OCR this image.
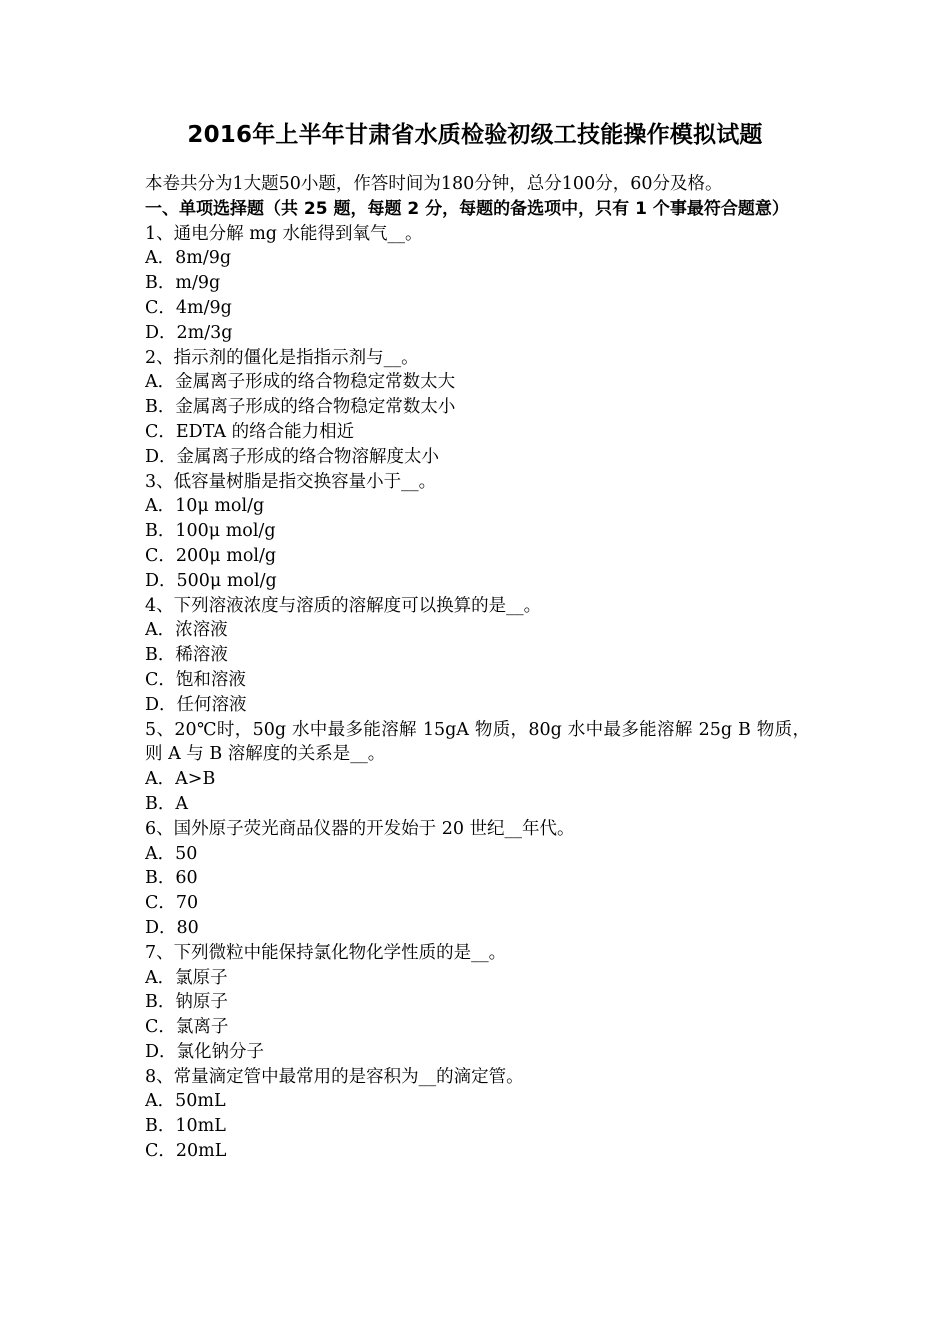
2016年上半年甘肃省水质检验初级工技能操作模拟试题
本卷共分为1大题50小题，作答时间为180分钟，总分100分，60分及格。
一、单项选择题（共 25 题，每题 2 分，每题的备选项中，只有 1 个事最符合题意）
1、通电分解 mg 水能得到氧气__。
A．8m/9g
B．m/9g
C．4m/9g
D．2m/3g
2、指示剂的僵化是指指示剂与__。
A．金属离子形成的络合物稳定常数太大
B．金属离子形成的络合物稳定常数太小
C．EDTA 的络合能力相近
D．金属离子形成的络合物溶解度太小
3、低容量树脂是指交换容量小于__。
A．10μ mol/g
B．100μ mol/g
C．200μ mol/g
D．500μ mol/g
4、下列溶液浓度与溶质的溶解度可以换算的是__。
A．浓溶液
B．稀溶液
C．饱和溶液
D．任何溶液
5、20℃时，50g 水中最多能溶解 15gA 物质，80g 水中最多能溶解 25g B 物质，则 A 与 B 溶解度的关系是__。
A．A>B
B．A
6、国外原子荧光商品仪器的开发始于 20 世纪__年代。
A．50
B．60
C．70
D．80
7、下列微粒中能保持氯化物化学性质的是__。
A．氯原子
B．钠原子
C．氯离子
D．氯化钠分子
8、常量滴定管中最常用的是容积为__的滴定管。
A．50mL
B．10mL
C．20mL
